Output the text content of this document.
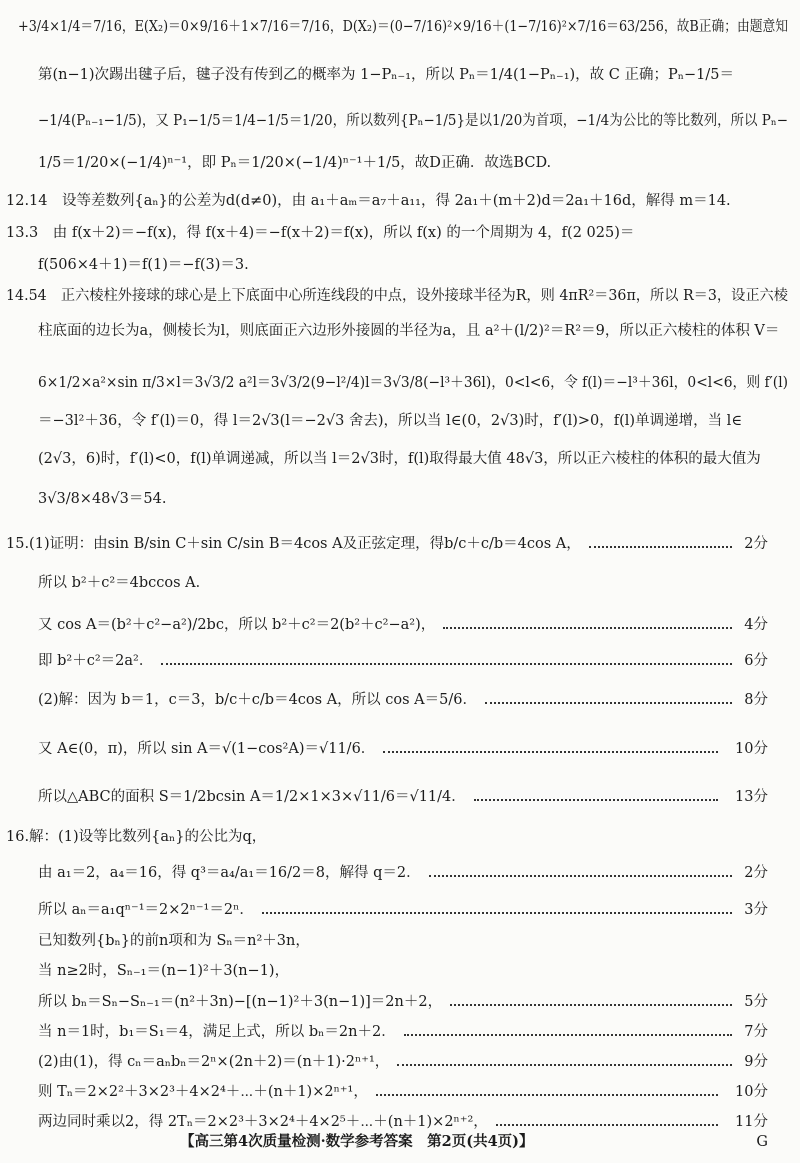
+3/4×1/4＝7/16，E(X₂)＝0×9/16＋1×7/16＝7/16，D(X₂)＝(0−7/16)²×9/16＋(1−7/16)²×7/16＝63/256，故B正确；由题意知
第(n−1)次踢出毽子后，毽子没有传到乙的概率为 1−Pₙ₋₁，所以 Pₙ＝1/4(1−Pₙ₋₁)，故 C 正确；Pₙ−1/5＝
−1/4(Pₙ₋₁−1/5)，又 P₁−1/5＝1/4−1/5＝1/20，所以数列{Pₙ−1/5}是以1/20为首项，−1/4为公比的等比数列，所以 Pₙ−
1/5＝1/20×(−1/4)ⁿ⁻¹，即 Pₙ＝1/20×(−1/4)ⁿ⁻¹＋1/5，故D正确．故选BCD.
12.14　设等差数列{aₙ}的公差为d(d≠0)，由 a₁＋aₘ＝a₇＋a₁₁，得 2a₁＋(m＋2)d＝2a₁＋16d，解得 m＝14.
13.3　由 f(x＋2)＝−f(x)，得 f(x＋4)＝−f(x＋2)＝f(x)，所以 f(x) 的一个周期为 4，f(2 025)＝
f(506×4＋1)＝f(1)＝−f(3)＝3.
14.54　正六棱柱外接球的球心是上下底面中心所连线段的中点，设外接球半径为R，则 4πR²＝36π，所以 R＝3，设正六棱
柱底面的边长为a，侧棱长为l，则底面正六边形外接圆的半径为a，且 a²＋(l/2)²＝R²＝9，所以正六棱柱的体积 V＝
6×1/2×a²×sin π/3×l＝3√3/2 a²l＝3√3/2(9−l²/4)l＝3√3/8(−l³＋36l)，0<l<6，令 f(l)＝−l³＋36l，0<l<6，则 f′(l)
＝−3l²＋36，令 f′(l)＝0，得 l＝2√3(l＝−2√3 舍去)，所以当 l∈(0，2√3)时，f′(l)>0，f(l)单调递增，当 l∈
(2√3，6)时，f′(l)<0，f(l)单调递减，所以当 l＝2√3时，f(l)取得最大值 48√3，所以正六棱柱的体积的最大值为
3√3/8×48√3＝54.
15.(1)证明：由sin B/sin C＋sin C/sin B＝4cos A及正弦定理，得b/c＋c/b＝4cos A，	2分
所以 b²＋c²＝4bccos A．
又 cos A＝(b²＋c²−a²)/2bc，所以 b²＋c²＝2(b²＋c²−a²)，	4分
即 b²＋c²＝2a²．	6分
(2)解：因为 b＝1，c＝3，b/c＋c/b＝4cos A，所以 cos A＝5/6．	8分
又 A∈(0，π)，所以 sin A＝√(1−cos²A)＝√11/6．	10分
所以△ABC的面积 S＝1/2bcsin A＝1/2×1×3×√11/6＝√11/4．	13分
16.解：(1)设等比数列{aₙ}的公比为q，
由 a₁＝2，a₄＝16，得 q³＝a₄/a₁＝16/2＝8，解得 q＝2．	2分
所以 aₙ＝a₁qⁿ⁻¹＝2×2ⁿ⁻¹＝2ⁿ．	3分
已知数列{bₙ}的前n项和为 Sₙ＝n²＋3n，
当 n≥2时，Sₙ₋₁＝(n−1)²＋3(n−1)，
所以 bₙ＝Sₙ−Sₙ₋₁＝(n²＋3n)−[(n−1)²＋3(n−1)]＝2n＋2，	5分
当 n＝1时，b₁＝S₁＝4，满足上式，所以 bₙ＝2n＋2．	7分
(2)由(1)，得 cₙ＝aₙbₙ＝2ⁿ×(2n＋2)＝(n＋1)·2ⁿ⁺¹，	9分
则 Tₙ＝2×2²＋3×2³＋4×2⁴＋⋯＋(n＋1)×2ⁿ⁺¹，	10分
两边同时乘以2，得 2Tₙ＝2×2³＋3×2⁴＋4×2⁵＋⋯＋(n＋1)×2ⁿ⁺²，	11分
【高三第4次质量检测·数学参考答案　第2页(共4页)】	G
